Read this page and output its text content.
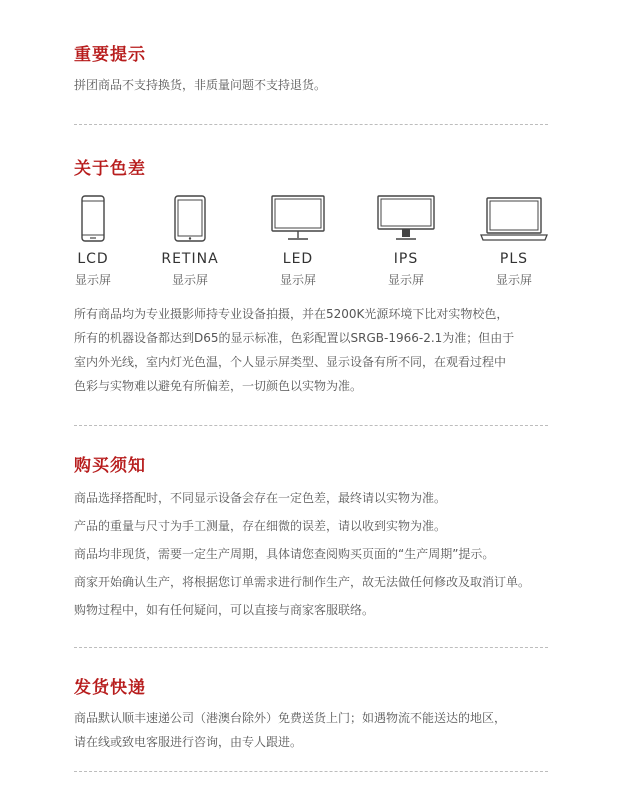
重要提示

拼团商品不支持换货，非质量问题不支持退货。

关于色差
LCD
显示屏
RETINA
显示屏
LED
显示屏
IPS
显示屏
PLS
显示屏
所有商品均为专业摄影师持专业设备拍摄，并在5200K光源环境下比对实物校色，
所有的机器设备都达到D65的显示标准，色彩配置以SRGB-1966-2.1为准；但由于
室内外光线，室内灯光色温，个人显示屏类型、显示设备有所不同，在观看过程中
色彩与实物难以避免有所偏差，一切颜色以实物为准。
购买须知

商品选择搭配时，不同显示设备会存在一定色差，最终请以实物为准。

产品的重量与尺寸为手工测量，存在细微的误差，请以收到实物为准。

商品均非现货，需要一定生产周期，具体请您查阅购买页面的“生产周期”提示。

商家开始确认生产，将根据您订单需求进行制作生产，故无法做任何修改及取消订单。

购物过程中，如有任何疑问，可以直接与商家客服联络。

发货快递
商品默认顺丰速递公司（港澳台除外）免费送货上门；如遇物流不能送达的地区，
请在线或致电客服进行咨询，由专人跟进。
